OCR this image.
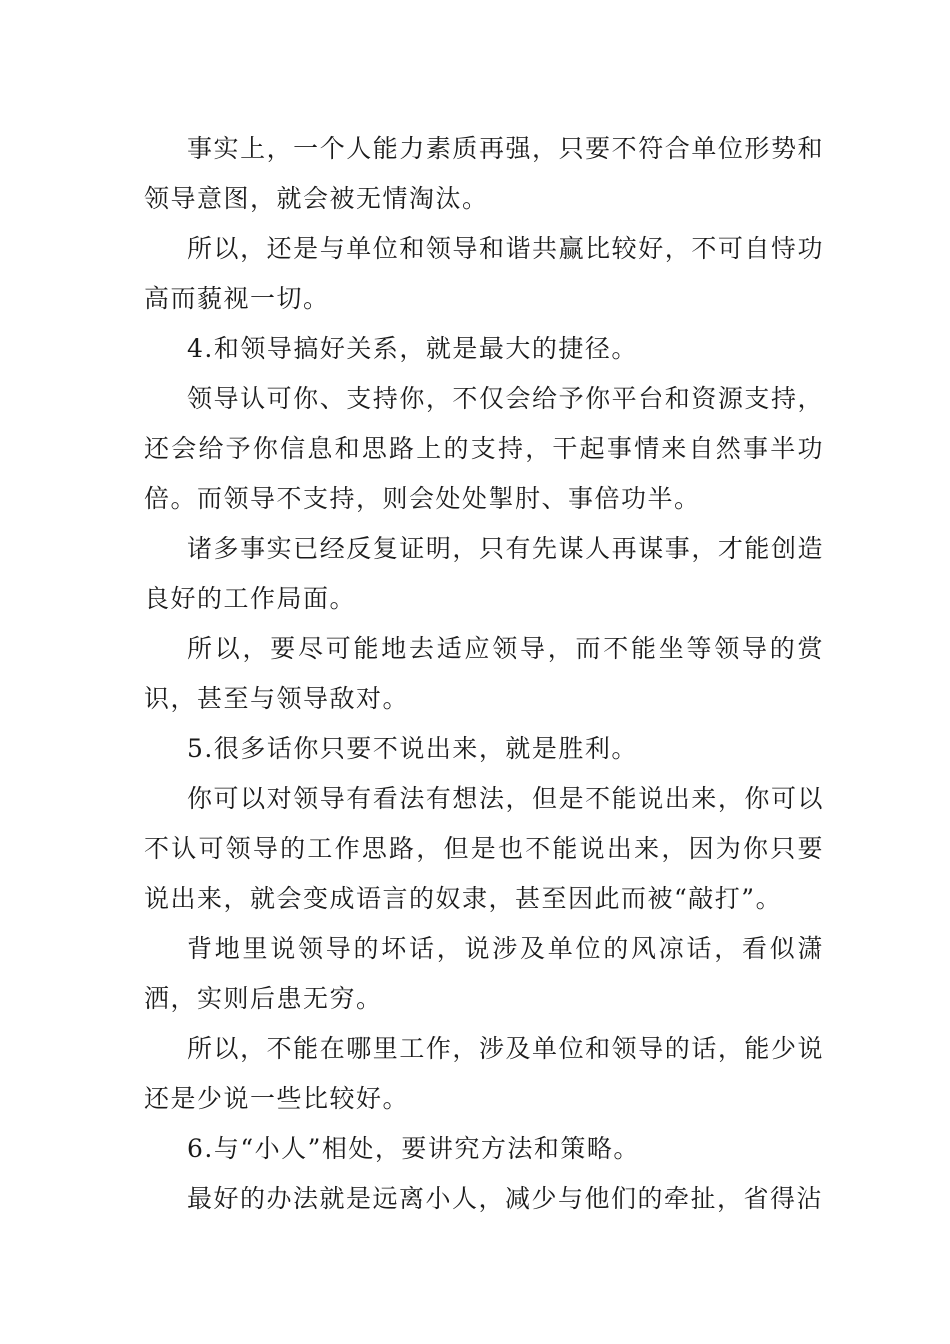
事实上，一个人能力素质再强，只要不符合单位形势和领导意图，就会被无情淘汰。

所以，还是与单位和领导和谐共赢比较好，不可自恃功高而藐视一切。

4.和领导搞好关系，就是最大的捷径。

领导认可你、支持你，不仅会给予你平台和资源支持，还会给予你信息和思路上的支持，干起事情来自然事半功倍。而领导不支持，则会处处掣肘、事倍功半。

诸多事实已经反复证明，只有先谋人再谋事，才能创造良好的工作局面。

所以，要尽可能地去适应领导，而不能坐等领导的赏识，甚至与领导敌对。

5.很多话你只要不说出来，就是胜利。

你可以对领导有看法有想法，但是不能说出来，你可以不认可领导的工作思路，但是也不能说出来，因为你只要说出来，就会变成语言的奴隶，甚至因此而被“敲打”。

背地里说领导的坏话，说涉及单位的风凉话，看似潇洒，实则后患无穷。

所以，不能在哪里工作，涉及单位和领导的话，能少说还是少说一些比较好。

6.与“小人”相处，要讲究方法和策略。

最好的办法就是远离小人，减少与他们的牵扯，省得沾
